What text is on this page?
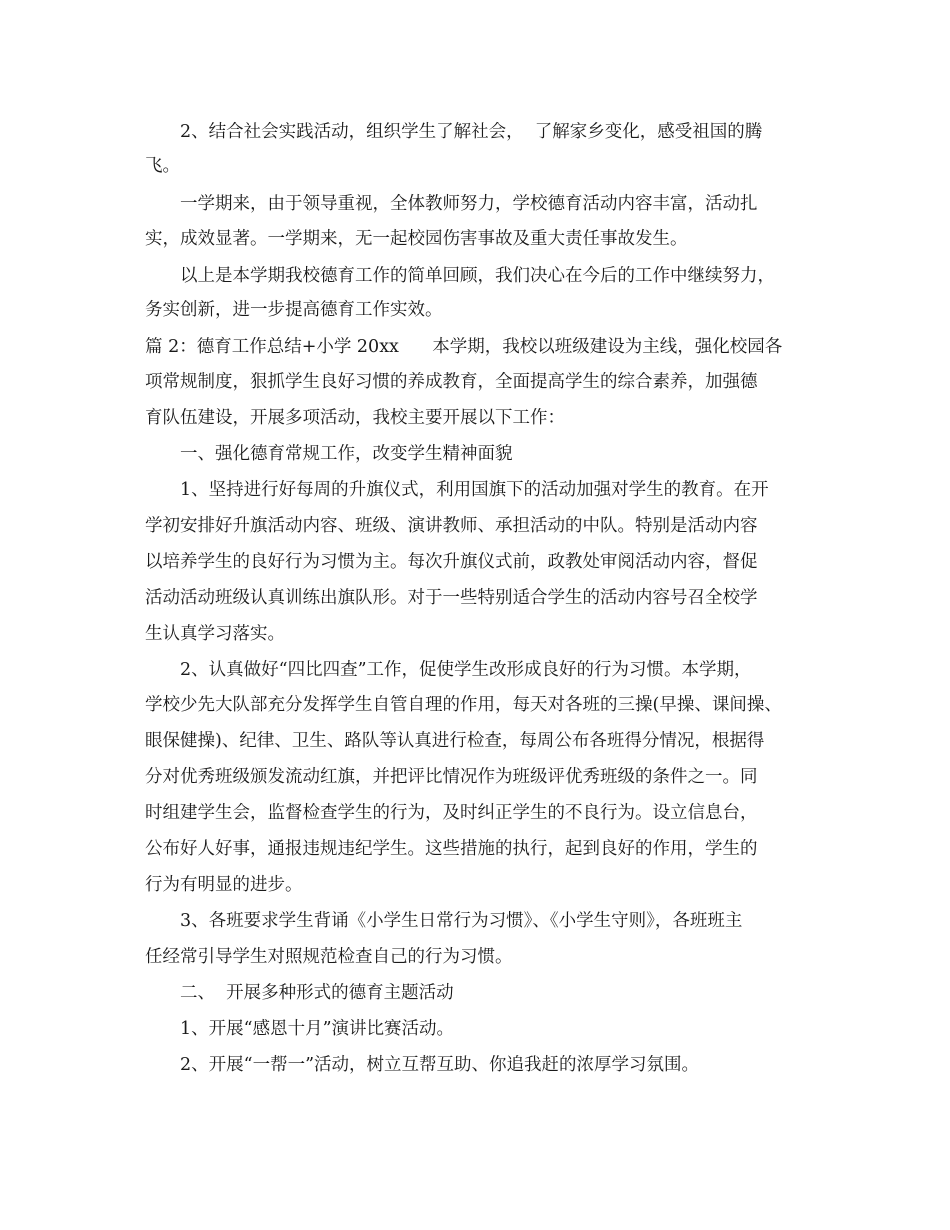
2、结合社会实践活动，组织学生了解社会，  了解家乡变化，感受祖国的腾

飞。

一学期来，由于领导重视，全体教师努力，学校德育活动内容丰富，活动扎

实，成效显著。一学期来，无一起校园伤害事故及重大责任事故发生。

以上是本学期我校德育工作的简单回顾，我们决心在今后的工作中继续努力，

务实创新，进一步提高德育工作实效。

篇 2：德育工作总结+小学 20xx      本学期，我校以班级建设为主线，强化校园各

项常规制度，狠抓学生良好习惯的养成教育，全面提高学生的综合素养，加强德

育队伍建设，开展多项活动，我校主要开展以下工作：

一、强化德育常规工作，改变学生精神面貌

1、坚持进行好每周的升旗仪式，利用国旗下的活动加强对学生的教育。在开

学初安排好升旗活动内容、班级、演讲教师、承担活动的中队。特别是活动内容

以培养学生的良好行为习惯为主。每次升旗仪式前，政教处审阅活动内容，督促

活动活动班级认真训练出旗队形。对于一些特别适合学生的活动内容号召全校学

生认真学习落实。

2、认真做好“四比四查”工作，促使学生改形成良好的行为习惯。本学期，

学校少先大队部充分发挥学生自管自理的作用，每天对各班的三操(早操、课间操、

眼保健操)、纪律、卫生、路队等认真进行检查，每周公布各班得分情况，根据得

分对优秀班级颁发流动红旗，并把评比情况作为班级评优秀班级的条件之一。同

时组建学生会，监督检查学生的行为，及时纠正学生的不良行为。设立信息台，

公布好人好事，通报违规违纪学生。这些措施的执行，起到良好的作用，学生的

行为有明显的进步。

3、各班要求学生背诵《小学生日常行为习惯》、《小学生守则》，各班班主

任经常引导学生对照规范检查自己的行为习惯。

二、  开展多种形式的德育主题活动

1、开展“感恩十月”演讲比赛活动。

2、开展“一帮一”活动，树立互帮互助、你追我赶的浓厚学习氛围。
